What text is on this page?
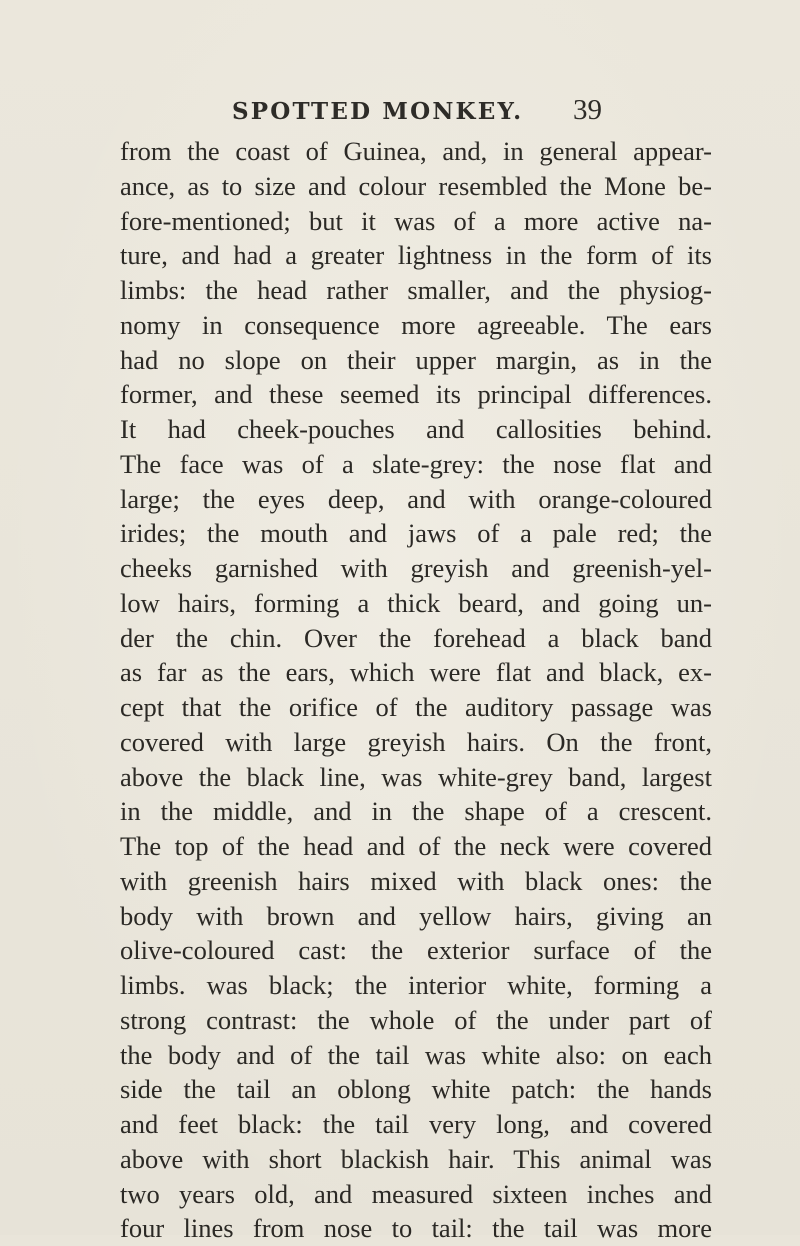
SPOTTED MONKEY. 39
from the coast of Guinea, and, in general appear-
ance, as to size and colour resembled the Mone be-
fore-mentioned; but it was of a more active na-
ture, and had a greater lightness in the form of its
limbs: the head rather smaller, and the physiog-
nomy in consequence more agreeable. The ears
had no slope on their upper margin, as in the
former, and these seemed its principal differences.
It had cheek-pouches and callosities behind.
The face was of a slate-grey: the nose flat and
large; the eyes deep, and with orange-coloured
irides; the mouth and jaws of a pale red; the
cheeks garnished with greyish and greenish-yel-
low hairs, forming a thick beard, and going un-
der the chin. Over the forehead a black band
as far as the ears, which were flat and black, ex-
cept that the orifice of the auditory passage was
covered with large greyish hairs. On the front,
above the black line, was white-grey band, largest
in the middle, and in the shape of a crescent.
The top of the head and of the neck were covered
with greenish hairs mixed with black ones: the
body with brown and yellow hairs, giving an
olive-coloured cast: the exterior surface of the
limbs. was black; the interior white, forming a
strong contrast: the whole of the under part of
the body and of the tail was white also: on each
side the tail an oblong white patch: the hands
and feet black: the tail very long, and covered
above with short blackish hair. This animal was
two years old, and measured sixteen inches and
four lines from nose to tail: the tail was more
